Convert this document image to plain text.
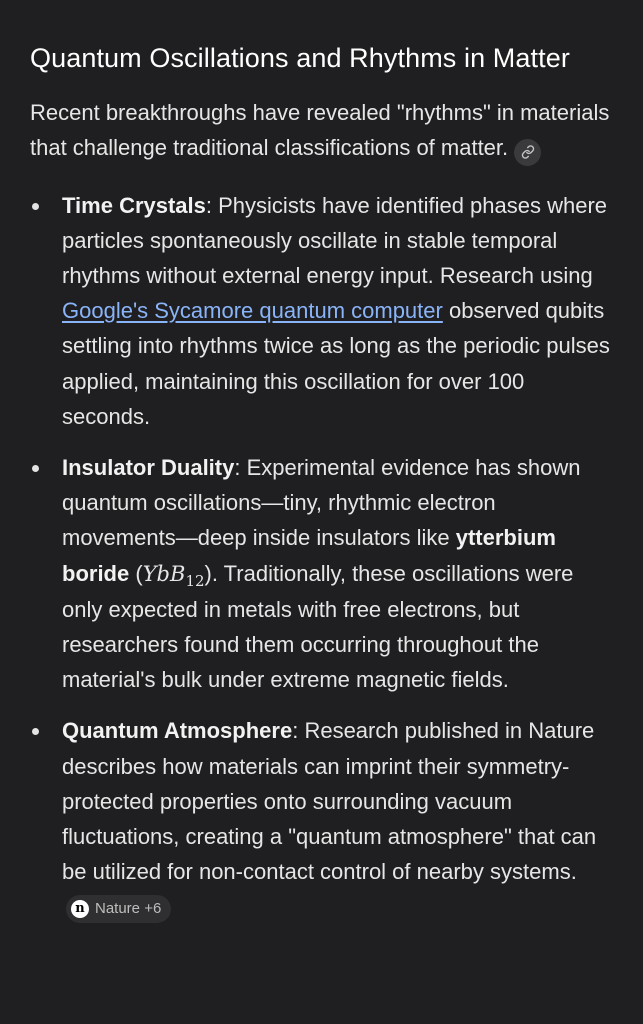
Quantum Oscillations and Rhythms in Matter

Recent breakthroughs have revealed "rhythms" in materials that challenge traditional classifications of matter.

Time Crystals: Physicists have identified phases where particles spontaneously oscillate in stable temporal rhythms without external energy input. Research using Google's Sycamore quantum computer observed qubits settling into rhythms twice as long as the periodic pulses applied, maintaining this oscillation for over 100 seconds.
Insulator Duality: Experimental evidence has shown quantum oscillations—tiny, rhythmic electron movements—deep inside insulators like ytterbium boride (YbB$_{12}$). Traditionally, these oscillations were only expected in metals with free electrons, but researchers found them occurring throughout the material's bulk under extreme magnetic fields.
Quantum Atmosphere: Research published in Nature describes how materials can imprint their symmetry-protected properties onto surrounding vacuum fluctuations, creating a "quantum atmosphere" that can be utilized for non-contact control of nearby systems.
n Nature +6
